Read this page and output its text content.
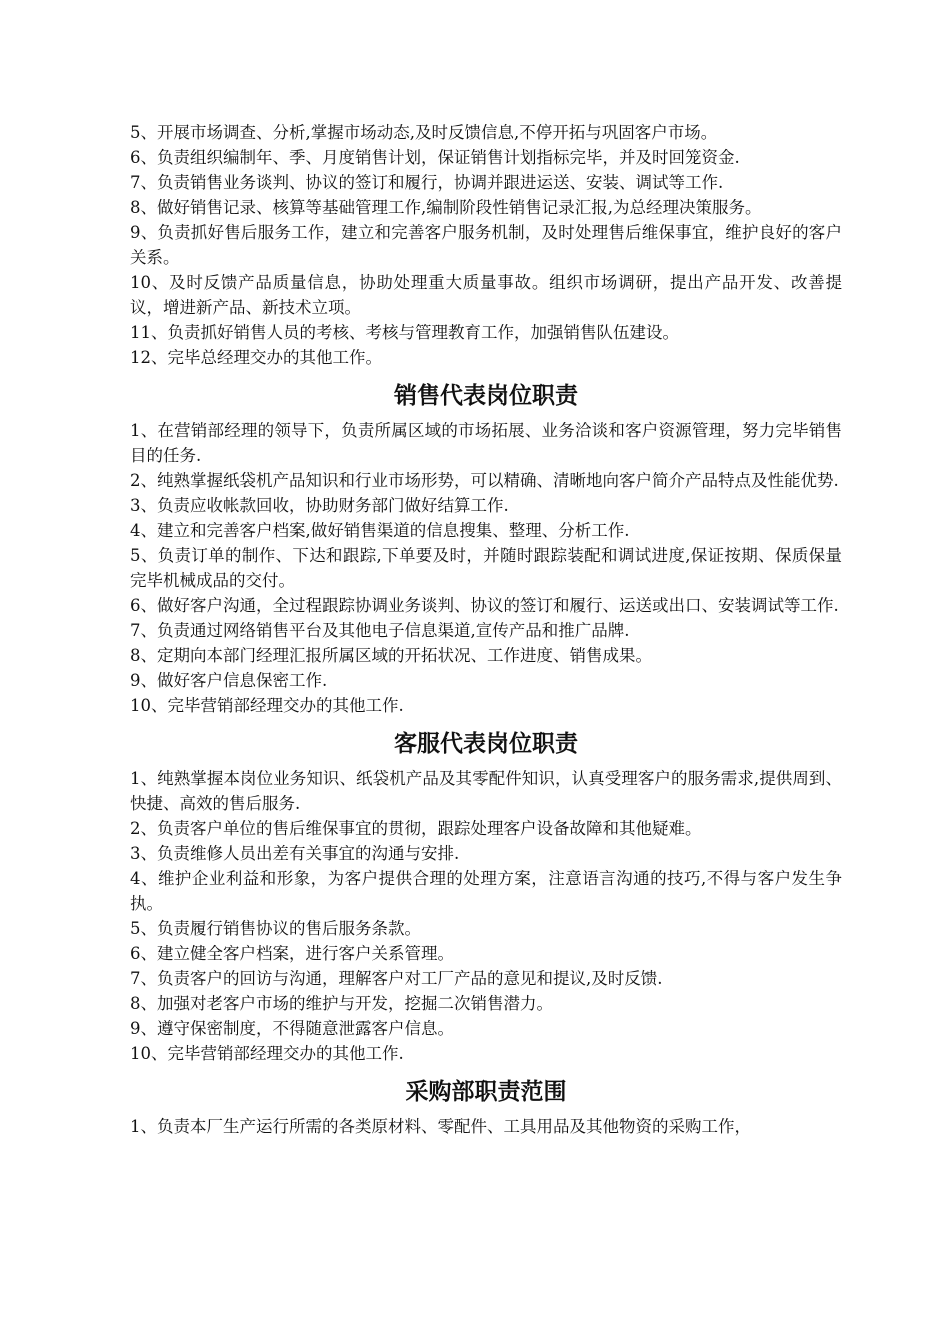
5、开展市场调查、分析,掌握市场动态,及时反馈信息,不停开拓与巩固客户市场。

6、负责组织编制年、季、月度销售计划，保证销售计划指标完毕，并及时回笼资金.

7、负责销售业务谈判、协议的签订和履行，协调并跟进运送、安装、调试等工作.

8、做好销售记录、核算等基础管理工作,编制阶段性销售记录汇报,为总经理决策服务。

9、负责抓好售后服务工作，建立和完善客户服务机制，及时处理售后维保事宜，维护良好的客户关系。

10、及时反馈产品质量信息，协助处理重大质量事故。组织市场调研，提出产品开发、改善提议，增进新产品、新技术立项。

11、负责抓好销售人员的考核、考核与管理教育工作，加强销售队伍建设。

12、完毕总经理交办的其他工作。

销售代表岗位职责

1、在营销部经理的领导下，负责所属区域的市场拓展、业务洽谈和客户资源管理，努力完毕销售目的任务.

2、纯熟掌握纸袋机产品知识和行业市场形势，可以精确、清晰地向客户简介产品特点及性能优势.

3、负责应收帐款回收，协助财务部门做好结算工作.

4、建立和完善客户档案,做好销售渠道的信息搜集、整理、分析工作.

5、负责订单的制作、下达和跟踪,下单要及时，并随时跟踪装配和调试进度,保证按期、保质保量完毕机械成品的交付。

6、做好客户沟通，全过程跟踪协调业务谈判、协议的签订和履行、运送或出口、安装调试等工作.

7、负责通过网络销售平台及其他电子信息渠道,宣传产品和推广品牌.

8、定期向本部门经理汇报所属区域的开拓状况、工作进度、销售成果。

9、做好客户信息保密工作.

10、完毕营销部经理交办的其他工作.

客服代表岗位职责

1、纯熟掌握本岗位业务知识、纸袋机产品及其零配件知识，认真受理客户的服务需求,提供周到、快捷、高效的售后服务.

2、负责客户单位的售后维保事宜的贯彻，跟踪处理客户设备故障和其他疑难。

3、负责维修人员出差有关事宜的沟通与安排.

4、维护企业利益和形象，为客户提供合理的处理方案，注意语言沟通的技巧,不得与客户发生争执。

5、负责履行销售协议的售后服务条款。

6、建立健全客户档案，进行客户关系管理。

7、负责客户的回访与沟通，理解客户对工厂产品的意见和提议,及时反馈.

8、加强对老客户市场的维护与开发，挖掘二次销售潜力。

9、遵守保密制度，不得随意泄露客户信息。

10、完毕营销部经理交办的其他工作.

采购部职责范围

1、负责本厂生产运行所需的各类原材料、零配件、工具用品及其他物资的采购工作，
